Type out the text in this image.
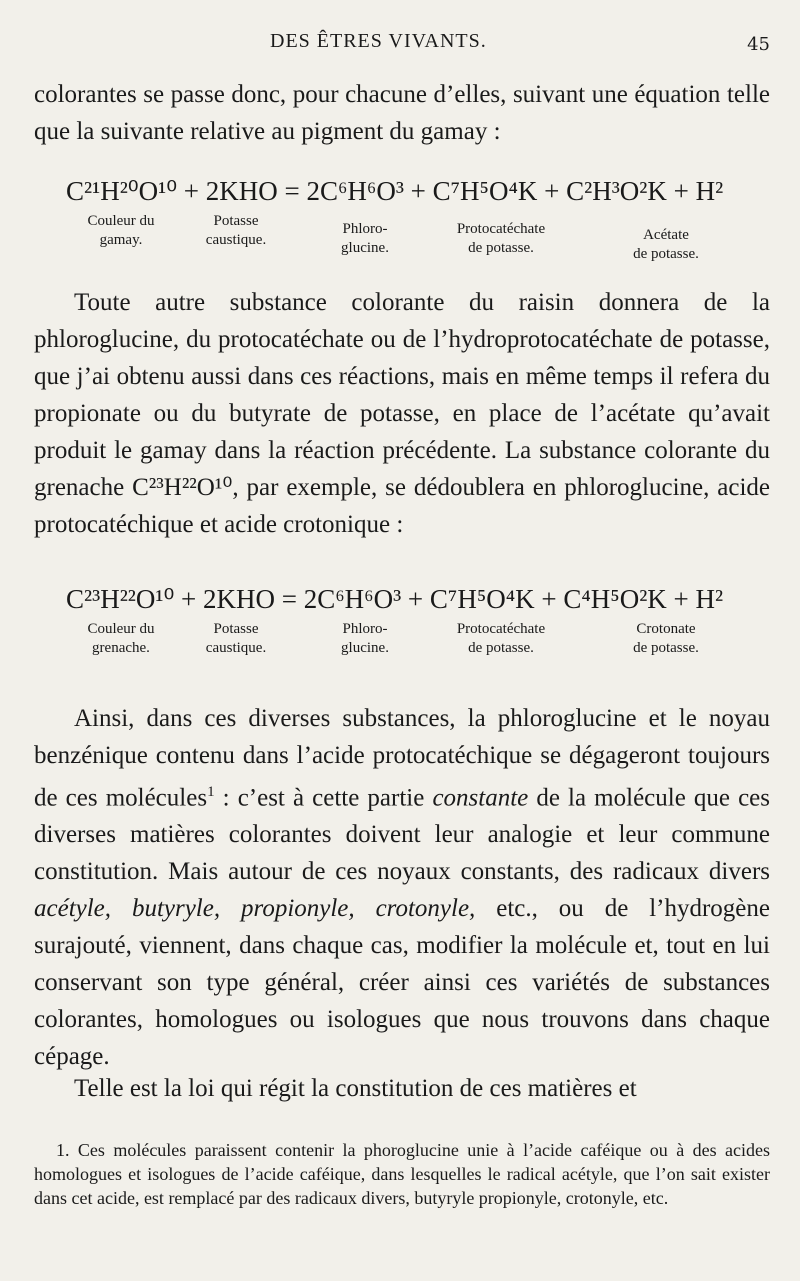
DES ÊTRES VIVANTS.	45

colorantes se passe donc, pour chacune d’elles, suivant une équation telle que la suivante relative au pigment du gamay :

C²¹H²⁰O¹⁰ + 2KHO = 2C⁶H⁶O³ + C⁷H⁵O⁴K + C²H³O²K + H²
Couleur du
gamay.
Potasse
caustique.
Phloro-
glucine.
Protocatéchate
de potasse.
Acétate
de potasse.

Toute autre substance colorante du raisin donnera de la phloroglucine, du protocatéchate ou de l’hydroprotocatéchate de potasse, que j’ai obtenu aussi dans ces réactions, mais en même temps il refera du propionate ou du butyrate de potasse, en place de l’acétate qu’avait produit le gamay dans la réaction précédente. La substance colorante du grenache C²³H²²O¹⁰, par exemple, se dédoublera en phloroglucine, acide protocatéchique et acide crotonique :

C²³H²²O¹⁰ + 2KHO = 2C⁶H⁶O³ + C⁷H⁵O⁴K + C⁴H⁵O²K + H²
Couleur du
grenache.
Potasse
caustique.
Phloro-
glucine.
Protocatéchate
de potasse.
Crotonate
de potasse.

Ainsi, dans ces diverses substances, la phloroglucine et le noyau benzénique contenu dans l’acide protocatéchique se dégageront toujours de ces molécules$^1$ : c’est à cette partie constante de la molécule que ces diverses matières colorantes doivent leur analogie et leur commune constitution. Mais autour de ces noyaux constants, des radicaux divers acétyle, butyryle, propionyle, crotonyle, etc., ou de l’hydrogène surajouté, viennent, dans chaque cas, modifier la molécule et, tout en lui conservant son type général, créer ainsi ces variétés de substances colorantes, homologues ou isologues que nous trouvons dans chaque cépage.

Telle est la loi qui régit la constitution de ces matières et

1. Ces molécules paraissent contenir la phoroglucine unie à l’acide caféique ou à des acides homologues et isologues de l’acide caféique, dans lesquelles le radical acétyle, que l’on sait exister dans cet acide, est remplacé par des radicaux divers, butyryle propionyle, crotonyle, etc.
